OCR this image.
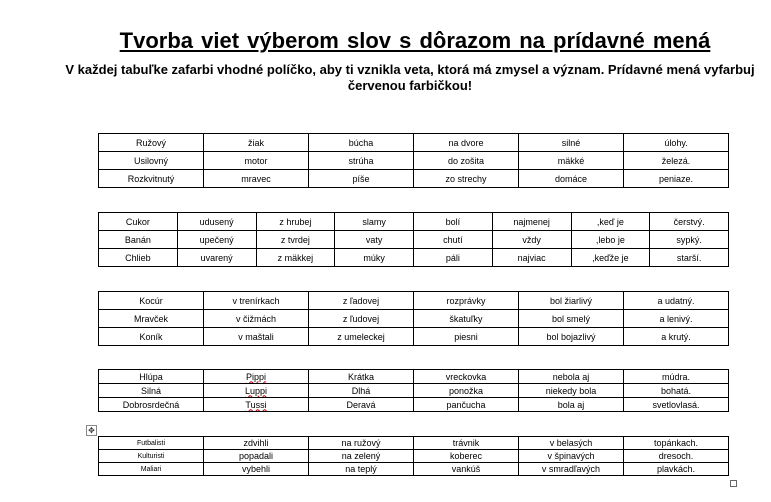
Tvorba viet výberom slov s dôrazom na prídavné mená
V každej tabuľke zafarbi vhodné políčko, aby ti vznikla veta, ktorá má zmysel a význam. Prídavné mená vyfarbuj červenou farbičkou!
✥
Ružový	žiak	búcha	na dvore	silné	úlohy.
Usilovný	motor	strúha	do zošita	mäkké	železá.
Rozkvitnutý	mravec	píše	zo strechy	domáce	peniaze.
Cukor	udusený	z hrubej	slamy	bolí	najmenej	,keď je	čerstvý.
Banán	upečený	z tvrdej	vaty	chutí	vždy	,lebo je	sypký.
Chlieb	uvarený	z mäkkej	múky	páli	najviac	,keďže je	starší.
Kocúr	v trenírkach	z ľadovej	rozprávky	bol žiarlivý	a udatný.
Mravček	v čižmách	z ľudovej	škatuľky	bol smelý	a lenivý.
Koník	v maštali	z umeleckej	piesni	bol bojazlivý	a krutý.
Hlúpa	Pippi	Krátka	vreckovka	nebola aj	múdra.
Silná	Luppi	Dlhá	ponožka	niekedy bola	bohatá.
Dobrosrdečná	Tussi	Deravá	pančucha	bola aj	svetlovlasá.
Futbalisti	zdvihli	na ružový	trávnik	v belasých	topánkach.
Kulturisti	popadali	na zelený	koberec	v špinavých	dresoch.
Maliari	vybehli	na teplý	vankúš	v smradľavých	plavkách.
